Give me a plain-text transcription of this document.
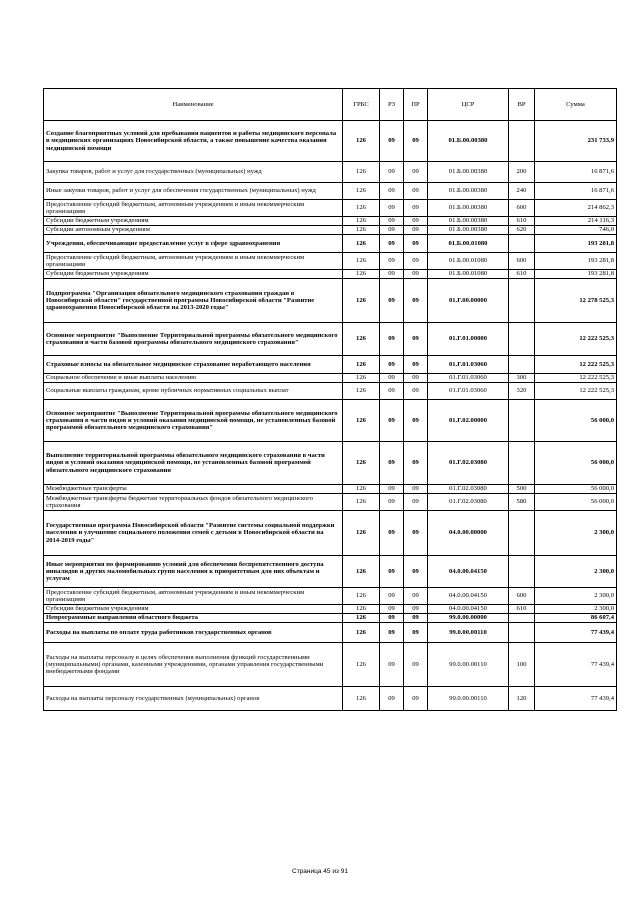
Наименование	ГРБС	РЗ	ПР	ЦСР	ВР	Сумма
Создание благоприятных условий для пребывания пациентов и работы медицинского персонала в медицинских организациях Новосибирской области, а также повышение качества оказания медицинской помощи	126	09	09	01.Б.00.00380		231 733,9
Закупка товаров, работ и услуг для государственных (муниципальных) нужд	126	09	09	01.Б.00.00380	200	16 871,6
Иные закупки товаров, работ и услуг для обеспечения государственных (муниципальных) нужд	126	09	09	01.Б.00.00380	240	16 871,6
Предоставление субсидий бюджетным, автономным учреждениям и иным некоммерческим организациям	126	09	09	01.Б.00.00380	600	214 862,3
Субсидии бюджетным учреждениям	126	09	09	01.Б.00.00380	610	214 116,3
Субсидии автономным учреждениям	126	09	09	01.Б.00.00380	620	746,0
Учреждения, обеспечивающие предоставление услуг в сфере здравоохранения	126	09	09	01.Б.00.01080		193 281,8
Предоставление субсидий бюджетным, автономным учреждениям и иным некоммерческим организациям	126	09	09	01.Б.00.01080	600	193 281,8
Субсидии бюджетным учреждениям	126	09	09	01.Б.00.01080	610	193 281,8
Подпрограмма "Организация обязательного медицинского страхования граждан в Новосибирской области" государственной программы Новосибирской области "Развитие здравоохранения Новосибирской области на 2013-2020 годы"	126	09	09	01.Г.00.00000		12 278 525,3
Основное мероприятие "Выполнение Территориальной программы обязательного медицинского страхования в части базовой программы обязательного медицинского страхования"	126	09	09	01.Г.01.00000		12 222 525,3
Страховые взносы на обязательное медицинское страхование неработающего населения	126	09	09	01.Г.01.03060		12 222 525,3
Социальное обеспечение и иные выплаты населению	126	09	09	01.Г.01.03060	300	12 222 525,3
Социальные выплаты гражданам, кроме публичных нормативных социальных выплат	126	09	09	01.Г.01.03060	320	12 222 525,3
Основное мероприятие "Выполнение Территориальной программы обязательного медицинского страхования в части видов и условий оказания медицинской помощи, не установленных базовой программой обязательного медицинского страхования"	126	09	09	01.Г.02.00000		56 000,0
Выполнение территориальной программы обязательного медицинского страхования в части видов и условий оказания медицинской помощи, не установленных базовой программой обязательного медицинского страхования	126	09	09	01.Г.02.03080		56 000,0
Межбюджетные трансферты	126	09	09	01.Г.02.03080	500	56 000,0
Межбюджетные трансферты бюджетам территориальных фондов обязательного медицинского страхования	126	09	09	01.Г.02.03080	580	56 000,0
Государственная программа Новосибирской области "Развитие системы социальной поддержки населения и улучшение социального положения семей с детьми в Новосибирской области на 2014-2019 годы"	126	09	09	04.0.00.00000		2 300,0
Иные мероприятия по формированию условий для обеспечения беспрепятственного доступа инвалидов и других маломобильных групп населения к приоритетным для них объектам и услугам	126	09	09	04.0.00.04150		2 300,0
Предоставление субсидий бюджетным, автономным учреждениям и иным некоммерческим организациям	126	09	09	04.0.00.04150	600	2 300,0
Субсидии бюджетным учреждениям	126	09	09	04.0.00.04150	610	2 300,0
Непрограммные направления областного бюджета	126	09	09	99.0.00.00000		86 607,4
Расходы на выплаты по оплате труда работников государственных органов	126	09	09	99.0.00.00110		77 439,4
Расходы на выплаты персоналу в целях обеспечения выполнения функций государственными (муниципальными) органами, казенными учреждениями, органами управления государственными внебюджетными фондами	126	09	09	99.0.00.00110	100	77 439,4
Расходы на выплаты персоналу государственных (муниципальных) органов	126	09	09	99.0.00.00110	120	77 439,4
Страница 45 из 91
